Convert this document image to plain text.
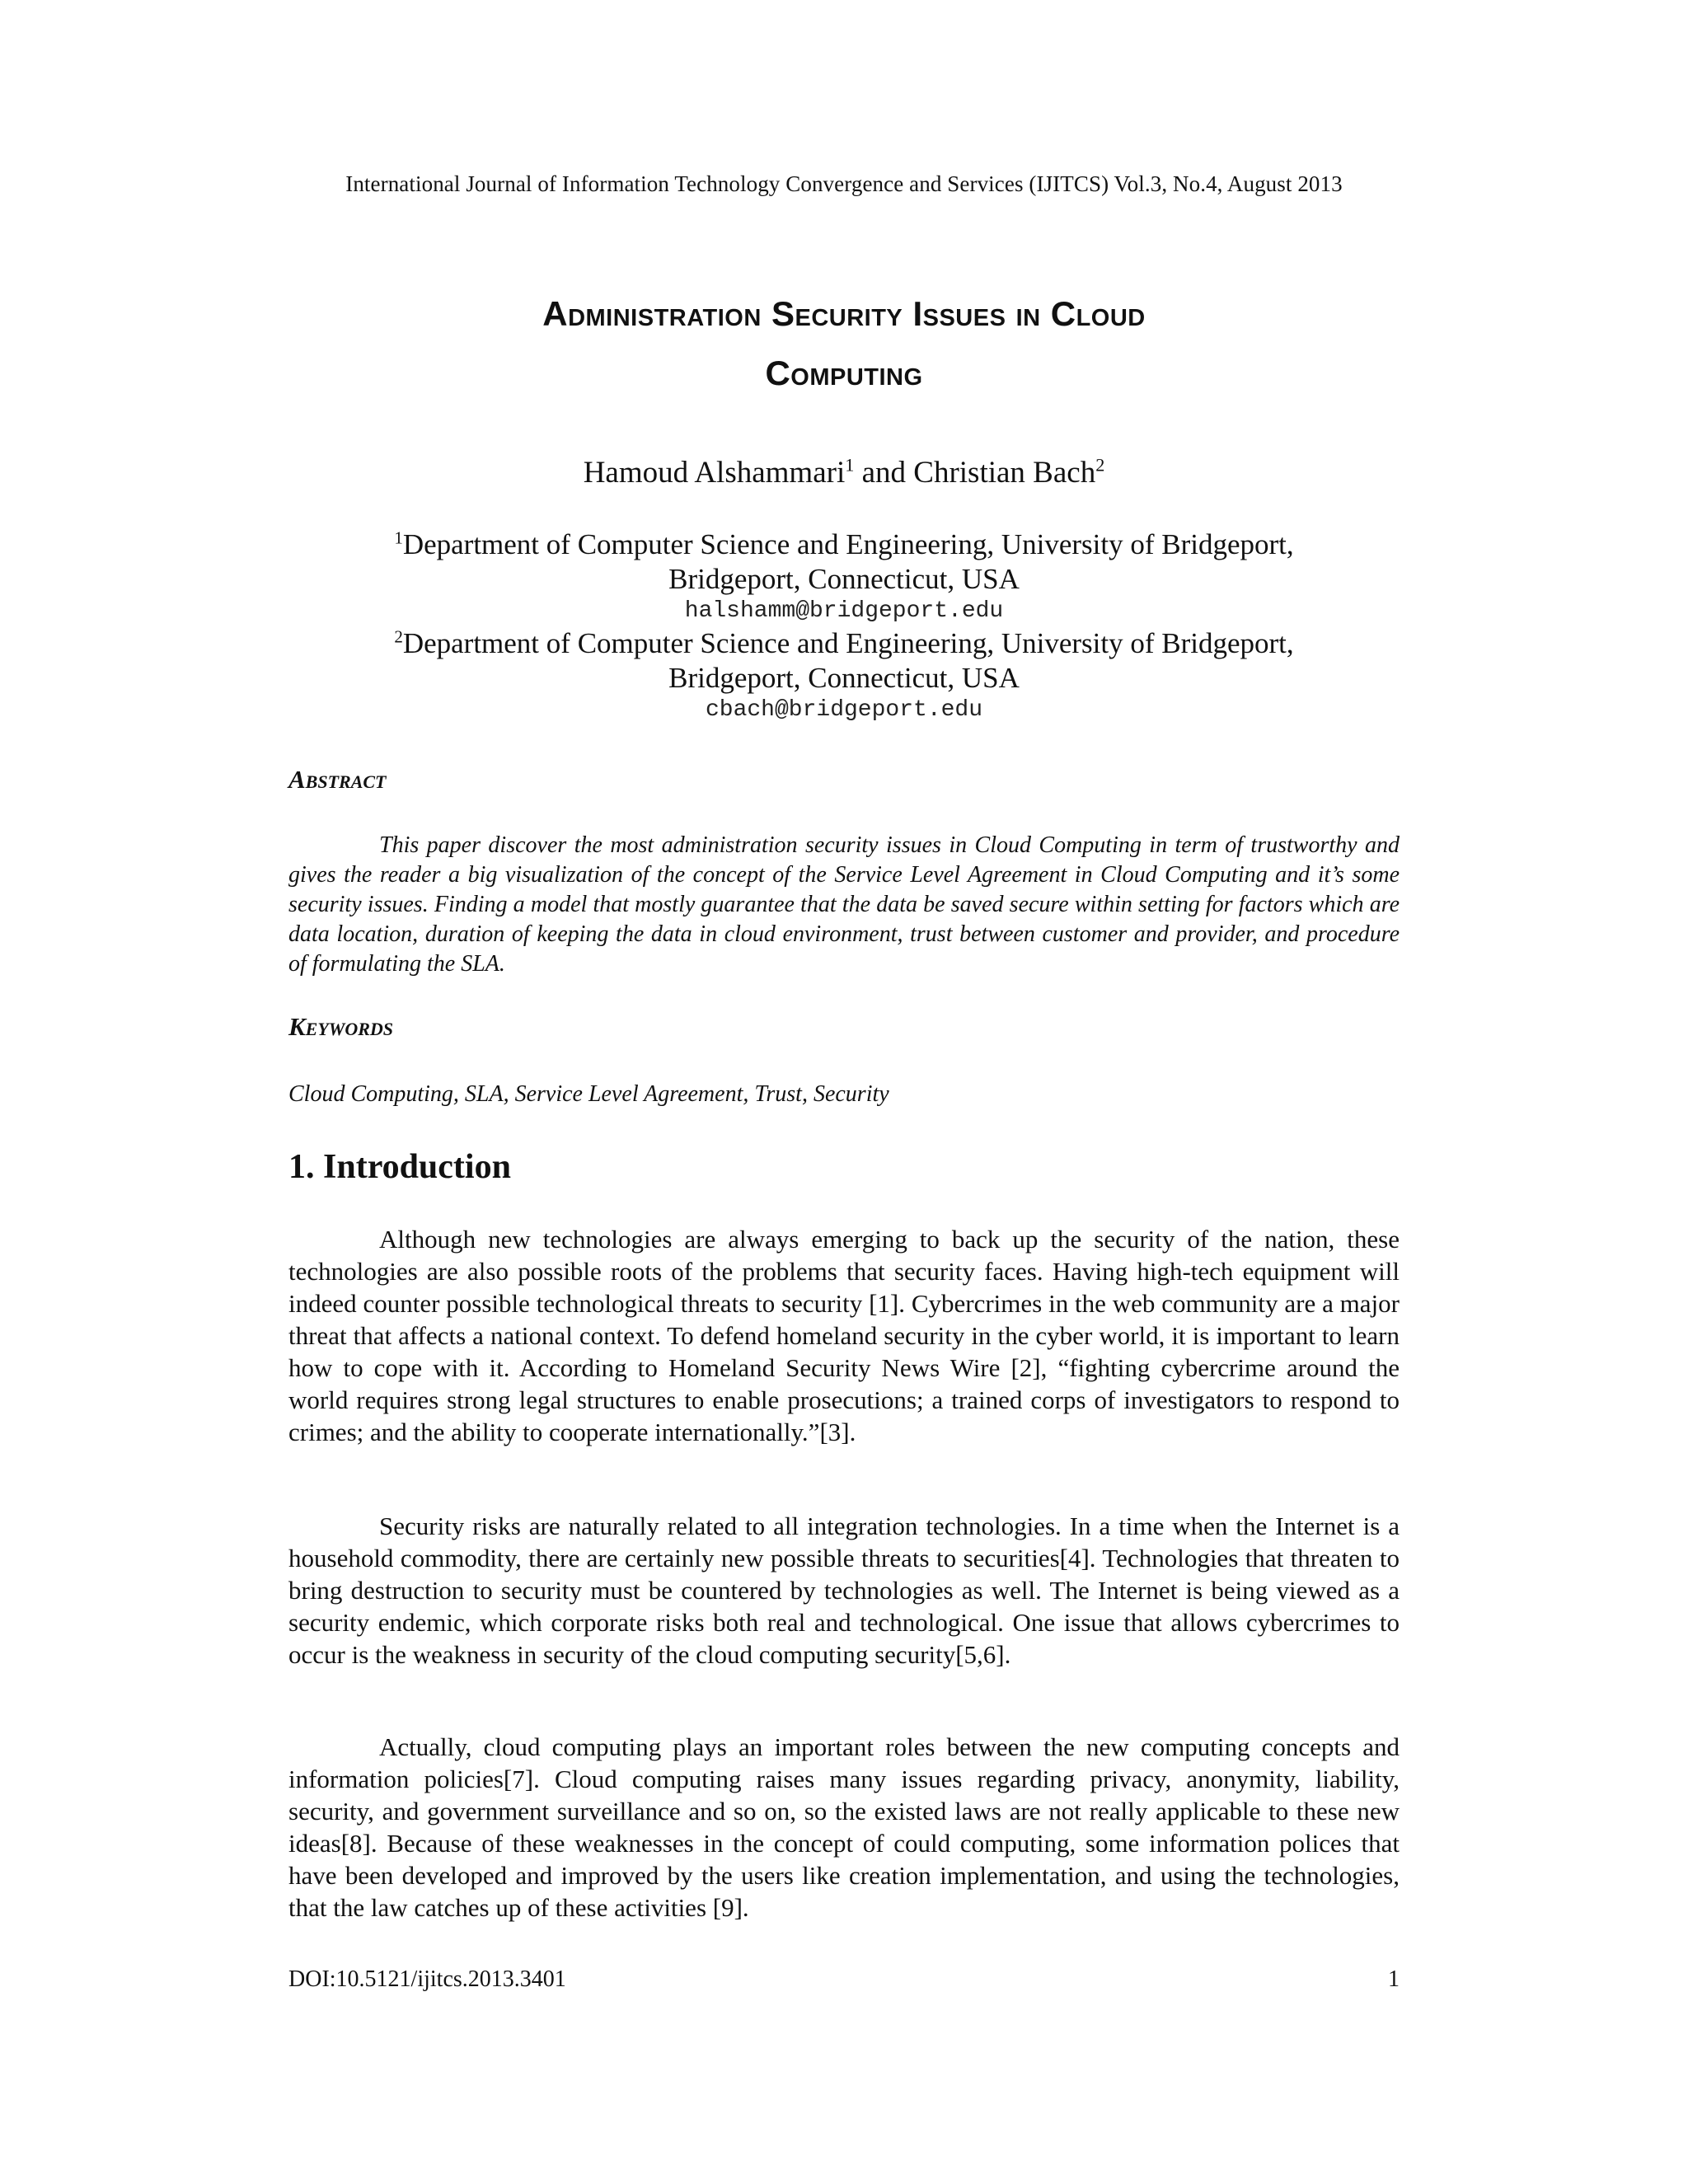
International Journal of Information Technology Convergence and Services (IJITCS) Vol.3, No.4, August 2013
Administration Security Issues in Cloud
Computing
Hamoud Alshammari$^1$ and Christian Bach$^2$
$^1$Department of Computer Science and Engineering, University of Bridgeport,
Bridgeport, Connecticut, USA
halshamm@bridgeport.edu
$^2$Department of Computer Science and Engineering, University of Bridgeport,
Bridgeport, Connecticut, USA
cbach@bridgeport.edu
Abstract
This paper discover the most administration security issues in Cloud Computing in term of trustworthy and gives the reader a big visualization of the concept of the Service Level Agreement in Cloud Computing and it’s some security issues. Finding a model that mostly guarantee that the data be saved secure within setting for factors which are data location, duration of keeping the data in cloud environment, trust between customer and provider, and procedure of formulating the SLA.
Keywords
Cloud Computing, SLA, Service Level Agreement, Trust, Security
1. Introduction

Although new technologies are always emerging to back up the security of the nation, these technologies are also possible roots of the problems that security faces. Having high-tech equipment will indeed counter possible technological threats to security [1]. Cybercrimes in the web community are a major threat that affects a national context. To defend homeland security in the cyber world, it is important to learn how to cope with it. According to Homeland Security News Wire [2], “fighting cybercrime around the world requires strong legal structures to enable prosecutions; a trained corps of investigators to respond to crimes; and the ability to cooperate internationally.”[3].

Security risks are naturally related to all integration technologies. In a time when the Internet is a household commodity, there are certainly new possible threats to securities[4]. Technologies that threaten to bring destruction to security must be countered by technologies as well. The Internet is being viewed as a security endemic, which corporate risks both real and technological. One issue that allows cybercrimes to occur is the weakness in security of the cloud computing security[5,6].

Actually, cloud computing plays an important roles between the new computing concepts and information policies[7]. Cloud computing raises many issues regarding privacy, anonymity, liability, security, and government surveillance and so on, so the existed laws are not really applicable to these new ideas[8]. Because of these weaknesses in the concept of could computing, some information polices that have been developed and improved by the users like creation implementation, and using the technologies, that the law catches up of these activities [9].

DOI:10.5121/ijitcs.2013.3401	1
